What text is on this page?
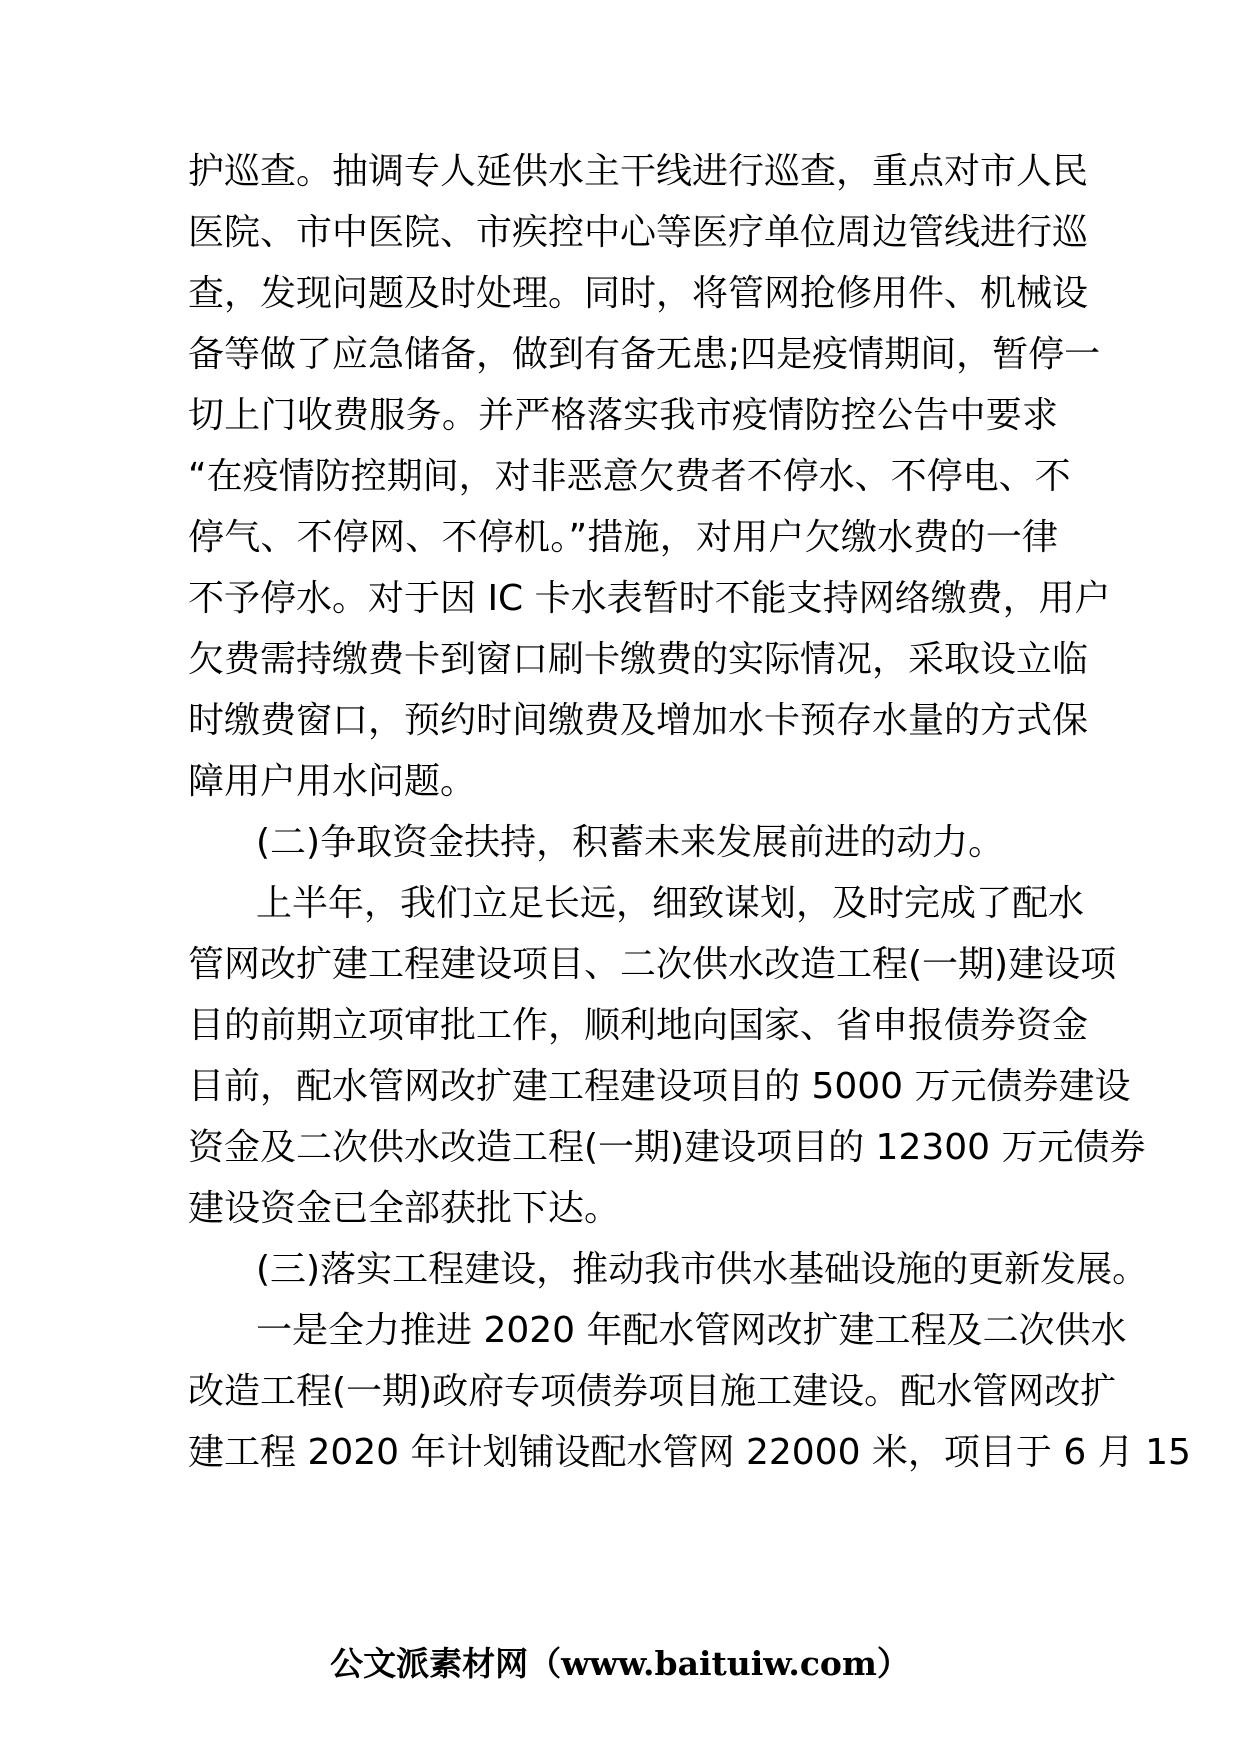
护巡查。抽调专人延供水主干线进行巡查，重点对市人民
医院、市中医院、市疾控中心等医疗单位周边管线进行巡
查，发现问题及时处理。同时，将管网抢修用件、机械设
备等做了应急储备，做到有备无患;四是疫情期间，暂停一
切上门收费服务。并严格落实我市疫情防控公告中要求
“在疫情防控期间，对非恶意欠费者不停水、不停电、不
停气、不停网、不停机。”措施，对用户欠缴水费的一律
不予停水。对于因 IC 卡水表暂时不能支持网络缴费，用户
欠费需持缴费卡到窗口刷卡缴费的实际情况，采取设立临
时缴费窗口，预约时间缴费及增加水卡预存水量的方式保
障用户用水问题。
(二)争取资金扶持，积蓄未来发展前进的动力。
上半年，我们立足长远，细致谋划，及时完成了配水
管网改扩建工程建设项目、二次供水改造工程(一期)建设项
目的前期立项审批工作，顺利地向国家、省申报债券资金
目前，配水管网改扩建工程建设项目的 5000 万元债券建设
资金及二次供水改造工程(一期)建设项目的 12300 万元债券
建设资金已全部获批下达。
(三)落实工程建设，推动我市供水基础设施的更新发展。
一是全力推进 2020 年配水管网改扩建工程及二次供水
改造工程(一期)政府专项债券项目施工建设。配水管网改扩
建工程 2020 年计划铺设配水管网 22000 米，项目于 6 月 15
公文派素材网（www.baituiw.com）
